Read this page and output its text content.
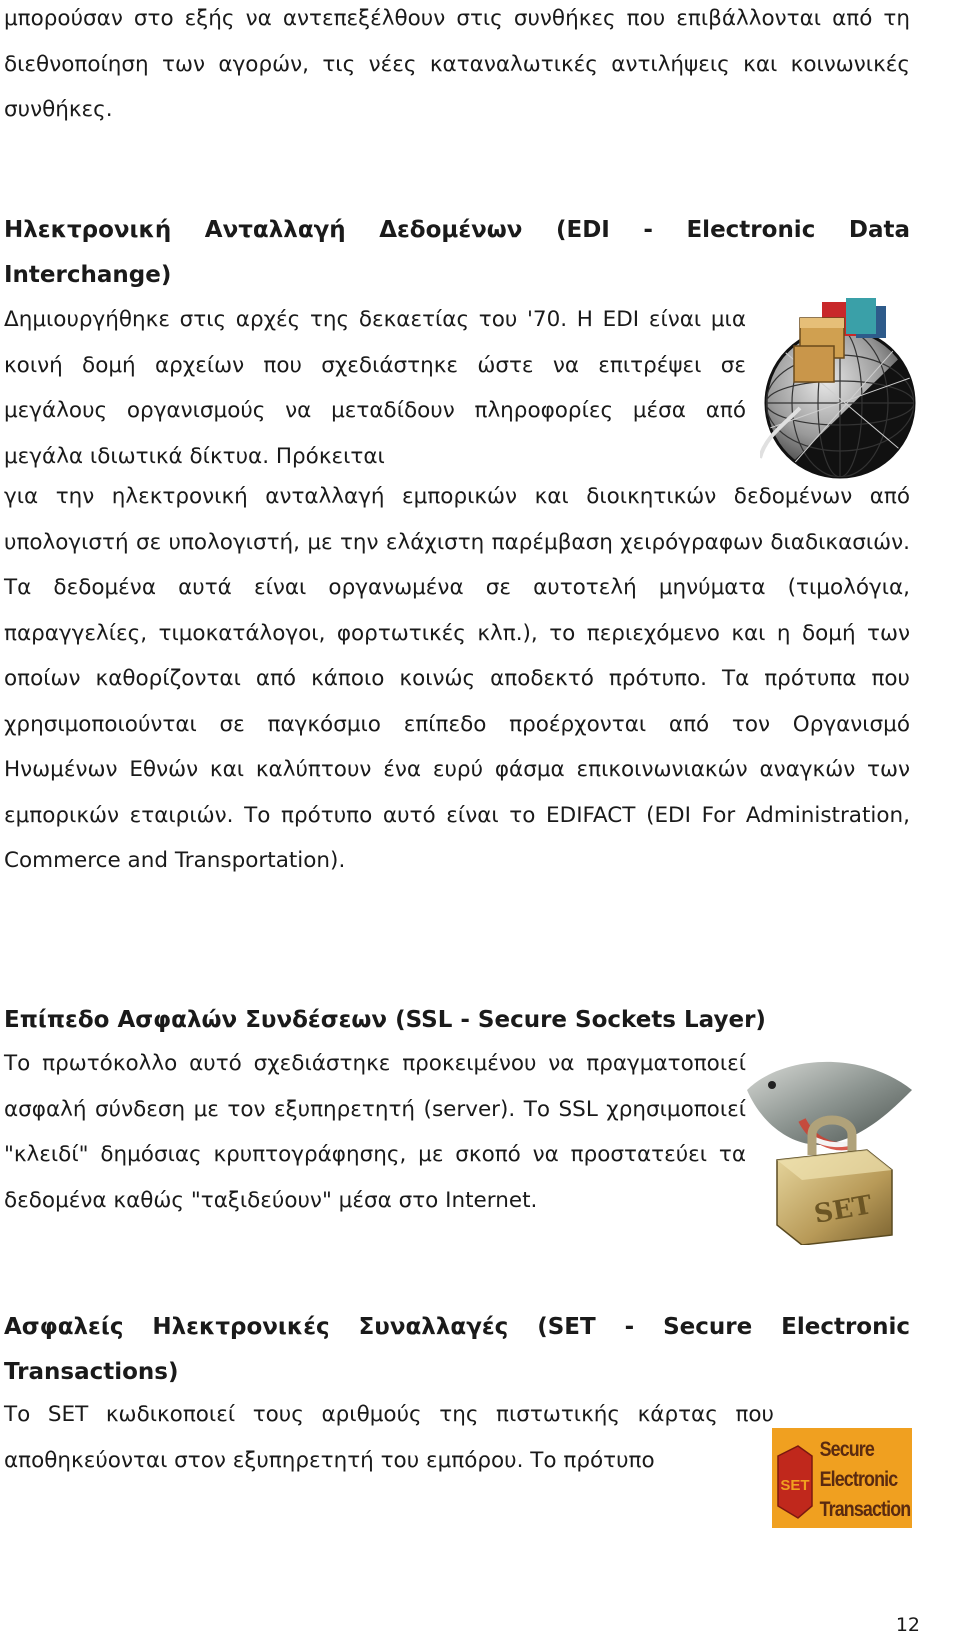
μπορούσαν στο εξής να αντεπεξέλθουν στις συνθήκες που επιβάλλονται από τη διεθνοποίηση των αγορών, τις νέες καταναλωτικές αντιλήψεις και κοινωνικές συνθήκες.

Ηλεκτρονική Ανταλλαγή Δεδομένων (EDI - Electronic Data Interchange)

Δημιουργήθηκε στις αρχές της δεκαετίας του '70. Η EDI είναι μια κοινή δομή αρχείων που σχεδιάστηκε ώστε να επιτρέψει σε μεγάλους οργανισμούς να μεταδίδουν πληροφορίες μέσα από μεγάλα ιδιωτικά δίκτυα. Πρόκειται

για την ηλεκτρονική ανταλλαγή εμπορικών και διοικητικών δεδομένων από υπολογιστή σε υπολογιστή, με την ελάχιστη παρέμβαση χειρόγραφων διαδικασιών. Τα δεδομένα αυτά είναι οργανωμένα σε αυτοτελή μηνύματα (τιμολόγια, παραγγελίες, τιμοκατάλογοι, φορτωτικές κλπ.), το περιεχόμενο και η δομή των οποίων καθορίζονται από κάποιο κοινώς αποδεκτό πρότυπο. Τα πρότυπα που χρησιμοποιούνται σε παγκόσμιο επίπεδο προέρχονται από τον Οργανισμό Ηνωμένων Εθνών και καλύπτουν ένα ευρύ φάσμα επικοινωνιακών αναγκών των εμπορικών εταιριών. Το πρότυπο αυτό είναι το EDIFACT (EDI For Administration, Commerce and Transportation).

Επίπεδο Ασφαλών Συνδέσεων (SSL - Secure Sockets Layer)

Το πρωτόκολλο αυτό σχεδιάστηκε προκειμένου να πραγματοποιεί ασφαλή σύνδεση με τον εξυπηρετητή (server). Το SSL χρησιμοποιεί "κλειδί" δημόσιας κρυπτογράφησης, με σκοπό να προστατεύει τα δεδομένα καθώς "ταξιδεύουν" μέσα στο Internet.	SET
Ασφαλείς Ηλεκτρονικές Συναλλαγές (SET - Secure Electronic Transactions)

Το SET κωδικοποιεί τους αριθμούς της πιστωτικής κάρτας που αποθηκεύονται στον εξυπηρετητή του εμπόρου. Το πρότυπο

SET
Secure
Electronic
Transaction
12
